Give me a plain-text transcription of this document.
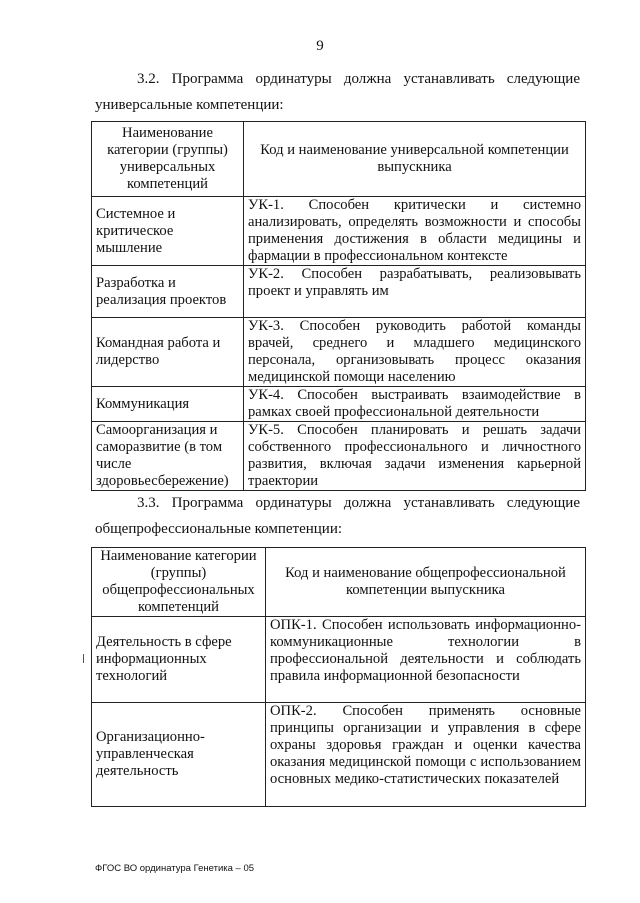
9
3.2. Программа ординатуры должна устанавливать следующие
универсальные компетенции:
Наименование категории (группы) универсальных компетенций	Код и наименование универсальной компетенции выпускника
Системное и критическое мышление	УК-1. Способен критически и системно анализировать, определять возможности и способы применения достижения в области медицины и фармации в профессиональном контексте
Разработка и реализация проектов	УК-2. Способен разрабатывать, реализовывать проект и управлять им
Командная работа и лидерство	УК-3. Способен руководить работой команды врачей, среднего и младшего медицинского персонала, организовывать процесс оказания медицинской помощи населению
Коммуникация	УК-4. Способен выстраивать взаимодействие в рамках своей профессиональной деятельности
Самоорганизация и саморазвитие (в том числе здоровьесбережение)	УК-5. Способен планировать и решать задачи собственного профессионального и личностного развития, включая задачи изменения карьерной траектории
3.3. Программа ординатуры должна устанавливать следующие
общепрофессиональные компетенции:
Наименование категории (группы) общепрофессиональных компетенций	Код и наименование общепрофессиональной компетенции выпускника
Деятельность в сфере информационных технологий	ОПК-1. Способен использовать информационно-коммуникационные технологии в профессиональной деятельности и соблюдать правила информационной безопасности
Организационно-управленческая деятельность	ОПК-2. Способен применять основные принципы организации и управления в сфере охраны здоровья граждан и оценки качества оказания медицинской помощи с использованием основных медико-статистических показателей
ФГОС ВО ординатура Генетика – 05
